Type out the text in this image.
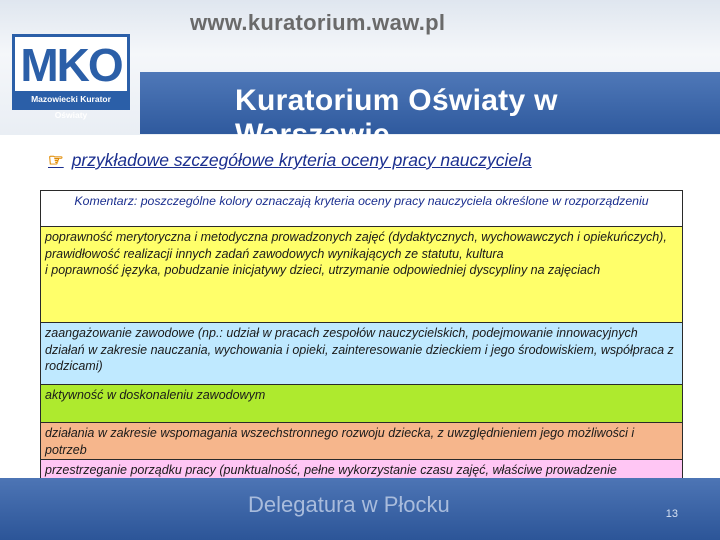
www.kuratorium.waw.pl
MKO
Mazowiecki Kurator Oświaty	Kuratorium Oświaty w Warszawie
☞ przykładowe szczegółowe kryteria oceny pracy nauczyciela
Komentarz: poszczególne kolory oznaczają kryteria oceny pracy nauczyciela określone w rozporządzeniu
poprawność merytoryczna i metodyczna prowadzonych zajęć (dydaktycznych, wychowawczych i opiekuńczych), prawidłowość realizacji innych zadań zawodowych wynikających ze statutu, kultura
i poprawność języka, pobudzanie inicjatywy dzieci, utrzymanie odpowiedniej dyscypliny na zajęciach
zaangażowanie zawodowe (np.: udział w pracach zespołów nauczycielskich, podejmowanie innowacyjnych działań w zakresie nauczania, wychowania i opieki, zainteresowanie dzieckiem i jego środowiskiem, współpraca z rodzicami)
aktywność w doskonaleniu zawodowym
działania w zakresie wspomagania wszechstronnego rozwoju dziecka, z uwzględnieniem jego możliwości i potrzeb
przestrzeganie porządku pracy (punktualność, pełne wykorzystanie czasu zajęć, właściwe prowadzenie
Delegatura w Płocku	13
